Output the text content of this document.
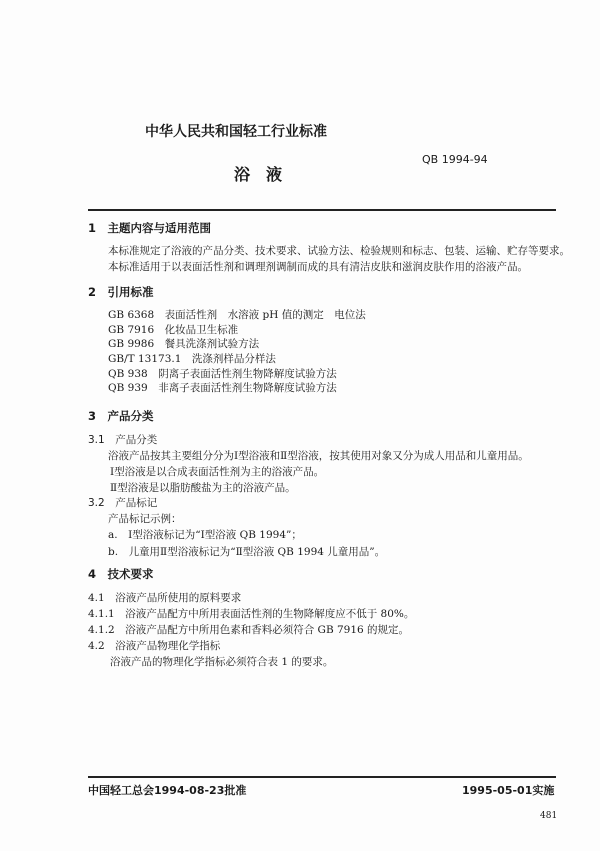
中华人民共和国轻工行业标准
QB 1994-94
浴　液
1　 主题内容与适用范围
本标准规定了浴液的产品分类、技术要求、试验方法、检验规则和标志、包装、运输、贮存等要求。
本标准适用于以表面活性剂和调理剂调制而成的具有清洁皮肤和滋润皮肤作用的浴液产品。
2　 引用标准
GB 6368　 表面活性剂　水溶液 pH 值的测定　电位法
GB 7916　 化妆品卫生标准
GB 9986　 餐具洗涤剂试验方法
GB/T 13173.1　 洗涤剂样品分样法
QB 938　 阴离子表面活性剂生物降解度试验方法
QB 939　 非离子表面活性剂生物降解度试验方法
3　 产品分类
3.1　 产品分类
浴液产品按其主要组分分为Ⅰ型浴液和Ⅱ型浴液，按其使用对象又分为成人用品和儿童用品。
Ⅰ型浴液是以合成表面活性剂为主的浴液产品。
Ⅱ型浴液是以脂肪酸盐为主的浴液产品。
3.2　 产品标记
产品标记示例：
a.　 Ⅰ型浴液标记为“Ⅰ型浴液 QB 1994”；
b.　 儿童用Ⅱ型浴液标记为“Ⅱ型浴液 QB 1994 儿童用品”。
4　 技术要求
4.1　 浴液产品所使用的原料要求
4.1.1　 浴液产品配方中所用表面活性剂的生物降解度应不低于 80%。
4.1.2　 浴液产品配方中所用色素和香料必须符合 GB 7916 的规定。
4.2　 浴液产品物理化学指标
浴液产品的物理化学指标必须符合表 1 的要求。
中国轻工总会1994-08-23批准	1995-05-01实施
481
